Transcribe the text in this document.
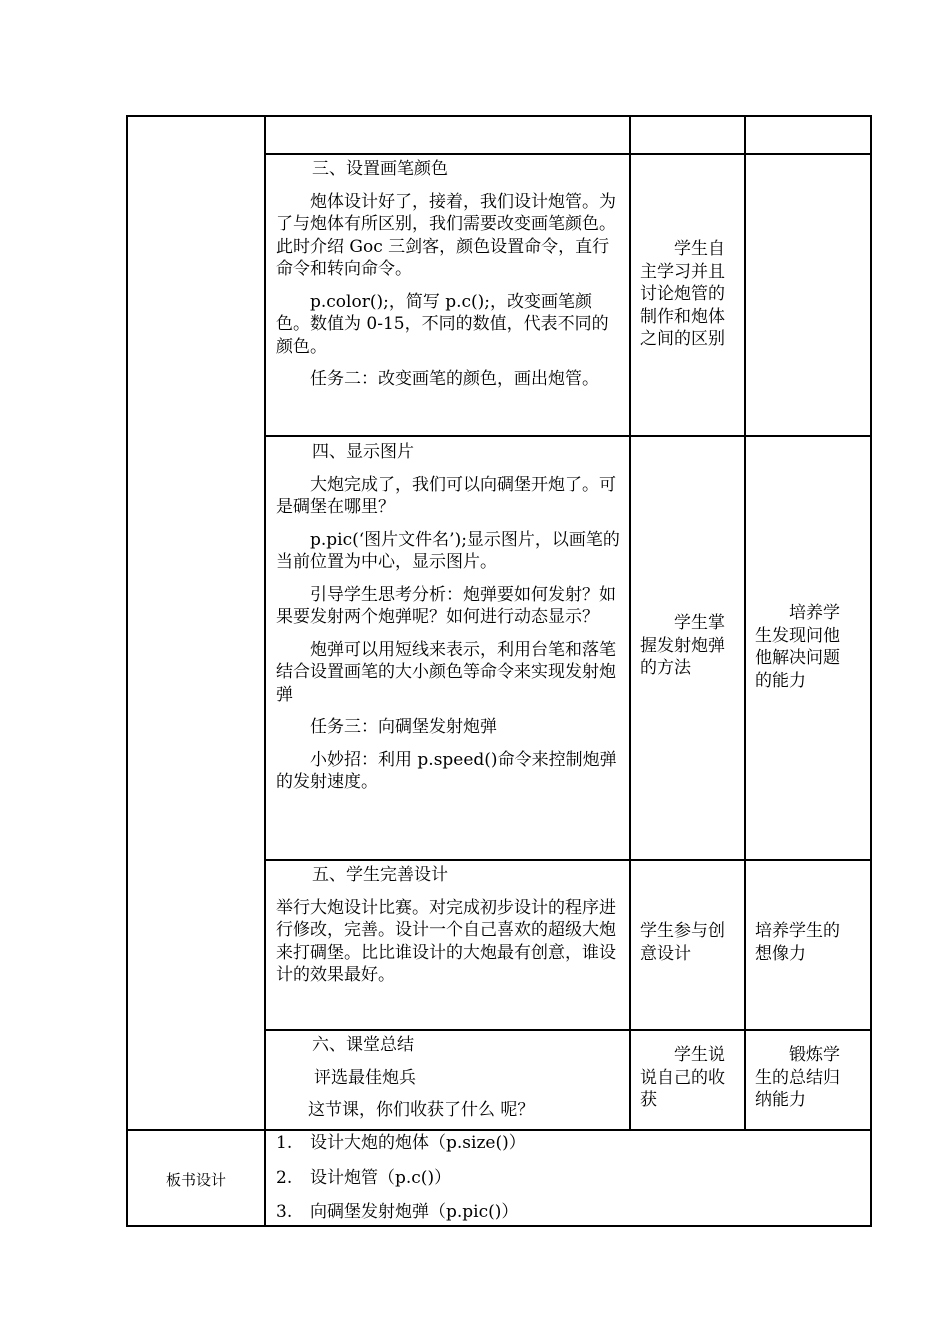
三、设置画笔颜色

炮体设计好了，接着，我们设计炮管。为了与炮体有所区别，我们需要改变画笔颜色。此时介绍 Goc 三剑客，颜色设置命令，直行命令和转向命令。

p.color();，简写 p.c();，改变画笔颜色。数值为 0-15，不同的数值，代表不同的颜色。

任务二：改变画笔的颜色，画出炮管。

学生自主学习并且讨论炮管的制作和炮体之间的区别

四、显示图片

大炮完成了，我们可以向碉堡开炮了。可是碉堡在哪里？

p.pic(‘图片文件名’);显示图片，以画笔的当前位置为中心，显示图片。

引导学生思考分析：炮弹要如何发射？如果要发射两个炮弹呢？如何进行动态显示？

炮弹可以用短线来表示，利用台笔和落笔结合设置画笔的大小颜色等命令来实现发射炮弹

任务三：向碉堡发射炮弹

小妙招：利用 p.speed()命令来控制炮弹的发射速度。

学生掌握发射炮弹的方法

培养学生发现问他他解决问题的能力

五、学生完善设计

举行大炮设计比赛。对完成初步设计的程序进行修改，完善。设计一个自己喜欢的超级大炮来打碉堡。比比谁设计的大炮最有创意，谁设计的效果最好。

学生参与创意设计

培养学生的想像力

六、课堂总结

评选最佳炮兵

这节课，你们收获了什么 呢？

学生说说自己的收获

锻炼学生的总结归纳能力

板书设计

1. 设计大炮的炮体（p.size()）

2. 设计炮管（p.c()）

3. 向碉堡发射炮弹（p.pic()）
